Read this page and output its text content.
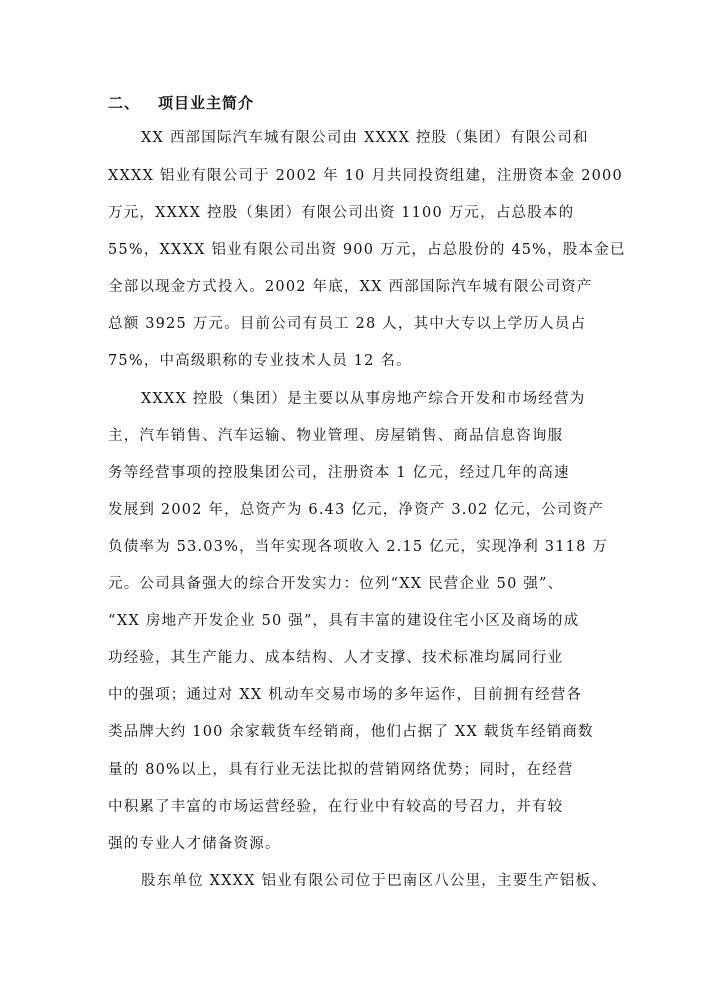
二、 项目业主简介
XX 西部国际汽车城有限公司由 XXXX 控股（集团）有限公司和
XXXX 铝业有限公司于 2002 年 10 月共同投资组建，注册资本金 2000
万元，XXXX 控股（集团）有限公司出资 1100 万元，占总股本的
55%，XXXX 铝业有限公司出资 900 万元，占总股份的 45%，股本金已
全部以现金方式投入。2002 年底，XX 西部国际汽车城有限公司资产
总额 3925 万元。目前公司有员工 28 人，其中大专以上学历人员占
75%，中高级职称的专业技术人员 12 名。
XXXX 控股（集团）是主要以从事房地产综合开发和市场经营为
主，汽车销售、汽车运输、物业管理、房屋销售、商品信息咨询服
务等经营事项的控股集团公司，注册资本 1 亿元，经过几年的高速
发展到 2002 年，总资产为 6.43 亿元，净资产 3.02 亿元，公司资产
负债率为 53.03%，当年实现各项收入 2.15 亿元，实现净利 3118 万
元。公司具备强大的综合开发实力：位列“XX 民营企业 50 强”、
“XX 房地产开发企业 50 强”，具有丰富的建设住宅小区及商场的成
功经验，其生产能力、成本结构、人才支撑、技术标准均属同行业
中的强项；通过对 XX 机动车交易市场的多年运作，目前拥有经营各
类品牌大约 100 余家载货车经销商，他们占据了 XX 载货车经销商数
量的 80%以上，具有行业无法比拟的营销网络优势；同时，在经营
中积累了丰富的市场运营经验，在行业中有较高的号召力，并有较
强的专业人才储备资源。
股东单位 XXXX 铝业有限公司位于巴南区八公里，主要生产铝板、
